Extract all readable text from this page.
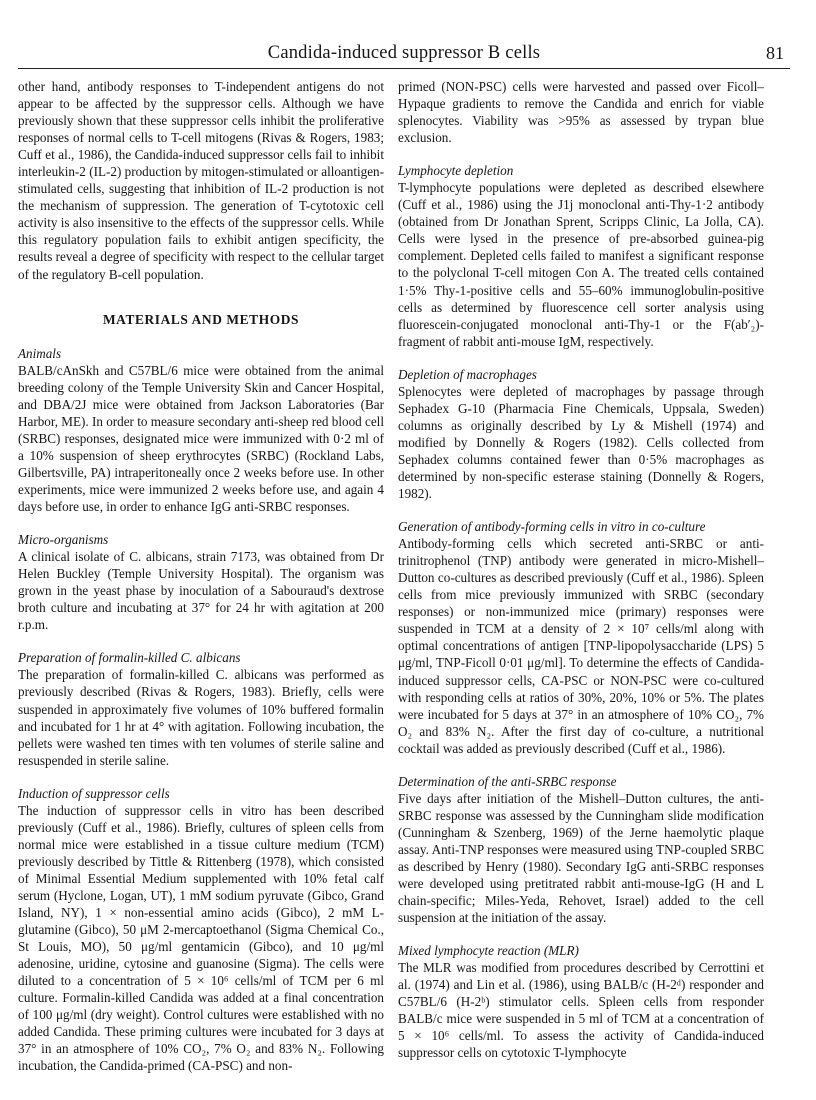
Candida-induced suppressor B cells	81

other hand, antibody responses to T-independent antigens do not appear to be affected by the suppressor cells. Although we have previously shown that these suppressor cells inhibit the proliferative responses of normal cells to T-cell mitogens (Rivas & Rogers, 1983; Cuff et al., 1986), the Candida-induced suppressor cells fail to inhibit interleukin-2 (IL-2) production by mitogen-stimulated or alloantigen-stimulated cells, suggesting that inhibition of IL-2 production is not the mechanism of suppression. The generation of T-cytotoxic cell activity is also insensitive to the effects of the suppressor cells. While this regulatory population fails to exhibit antigen specificity, the results reveal a degree of specificity with respect to the cellular target of the regulatory B-cell population.

MATERIALS AND METHODS
Animals

BALB/cAnSkh and C57BL/6 mice were obtained from the animal breeding colony of the Temple University Skin and Cancer Hospital, and DBA/2J mice were obtained from Jackson Laboratories (Bar Harbor, ME). In order to measure secondary anti-sheep red blood cell (SRBC) responses, designated mice were immunized with 0·2 ml of a 10% suspension of sheep erythrocytes (SRBC) (Rockland Labs, Gilbertsville, PA) intraperitoneally once 2 weeks before use. In other experiments, mice were immunized 2 weeks before use, and again 4 days before use, in order to enhance IgG anti-SRBC responses.

Micro-organisms

A clinical isolate of C. albicans, strain 7173, was obtained from Dr Helen Buckley (Temple University Hospital). The organism was grown in the yeast phase by inoculation of a Sabouraud's dextrose broth culture and incubating at 37° for 24 hr with agitation at 200 r.p.m.

Preparation of formalin-killed C. albicans

The preparation of formalin-killed C. albicans was performed as previously described (Rivas & Rogers, 1983). Briefly, cells were suspended in approximately five volumes of 10% buffered formalin and incubated for 1 hr at 4° with agitation. Following incubation, the pellets were washed ten times with ten volumes of sterile saline and resuspended in sterile saline.

Induction of suppressor cells

The induction of suppressor cells in vitro has been described previously (Cuff et al., 1986). Briefly, cultures of spleen cells from normal mice were established in a tissue culture medium (TCM) previously described by Tittle & Rittenberg (1978), which consisted of Minimal Essential Medium supplemented with 10% fetal calf serum (Hyclone, Logan, UT), 1 mM sodium pyruvate (Gibco, Grand Island, NY), 1 × non-essential amino acids (Gibco), 2 mM L-glutamine (Gibco), 50 μM 2-mercaptoethanol (Sigma Chemical Co., St Louis, MO), 50 μg/ml gentamicin (Gibco), and 10 μg/ml adenosine, uridine, cytosine and guanosine (Sigma). The cells were diluted to a concentration of 5 × 10⁶ cells/ml of TCM per 6 ml culture. Formalin-killed Candida was added at a final concentration of 100 μg/ml (dry weight). Control cultures were established with no added Candida. These priming cultures were incubated for 3 days at 37° in an atmosphere of 10% CO₂, 7% O₂ and 83% N₂. Following incubation, the Candida-primed (CA-PSC) and non-

primed (NON-PSC) cells were harvested and passed over Ficoll–Hypaque gradients to remove the Candida and enrich for viable splenocytes. Viability was >95% as assessed by trypan blue exclusion.

Lymphocyte depletion

T-lymphocyte populations were depleted as described elsewhere (Cuff et al., 1986) using the J1j monoclonal anti-Thy-1·2 antibody (obtained from Dr Jonathan Sprent, Scripps Clinic, La Jolla, CA). Cells were lysed in the presence of pre-absorbed guinea-pig complement. Depleted cells failed to manifest a significant response to the polyclonal T-cell mitogen Con A. The treated cells contained 1·5% Thy-1-positive cells and 55–60% immunoglobulin-positive cells as determined by fluorescence cell sorter analysis using fluorescein-conjugated monoclonal anti-Thy-1 or the F(ab′₂)-fragment of rabbit anti-mouse IgM, respectively.

Depletion of macrophages

Splenocytes were depleted of macrophages by passage through Sephadex G-10 (Pharmacia Fine Chemicals, Uppsala, Sweden) columns as originally described by Ly & Mishell (1974) and modified by Donnelly & Rogers (1982). Cells collected from Sephadex columns contained fewer than 0·5% macrophages as determined by non-specific esterase staining (Donnelly & Rogers, 1982).

Generation of antibody-forming cells in vitro in co-culture

Antibody-forming cells which secreted anti-SRBC or anti-trinitrophenol (TNP) antibody were generated in micro-Mishell–Dutton co-cultures as described previously (Cuff et al., 1986). Spleen cells from mice previously immunized with SRBC (secondary responses) or non-immunized mice (primary) responses were suspended in TCM at a density of 2 × 10⁷ cells/ml along with optimal concentrations of antigen [TNP-lipopolysaccharide (LPS) 5 μg/ml, TNP-Ficoll 0·01 μg/ml]. To determine the effects of Candida-induced suppressor cells, CA-PSC or NON-PSC were co-cultured with responding cells at ratios of 30%, 20%, 10% or 5%. The plates were incubated for 5 days at 37° in an atmosphere of 10% CO₂, 7% O₂ and 83% N₂. After the first day of co-culture, a nutritional cocktail was added as previously described (Cuff et al., 1986).

Determination of the anti-SRBC response

Five days after initiation of the Mishell–Dutton cultures, the anti-SRBC response was assessed by the Cunningham slide modification (Cunningham & Szenberg, 1969) of the Jerne haemolytic plaque assay. Anti-TNP responses were measured using TNP-coupled SRBC as described by Henry (1980). Secondary IgG anti-SRBC responses were developed using pretitrated rabbit anti-mouse-IgG (H and L chain-specific; Miles-Yeda, Rehovet, Israel) added to the cell suspension at the initiation of the assay.

Mixed lymphocyte reaction (MLR)

The MLR was modified from procedures described by Cerrottini et al. (1974) and Lin et al. (1986), using BALB/c (H-2ᵈ) responder and C57BL/6 (H-2ᵇ) stimulator cells. Spleen cells from responder BALB/c mice were suspended in 5 ml of TCM at a concentration of 5 × 10⁶ cells/ml. To assess the activity of Candida-induced suppressor cells on cytotoxic T-lymphocyte
